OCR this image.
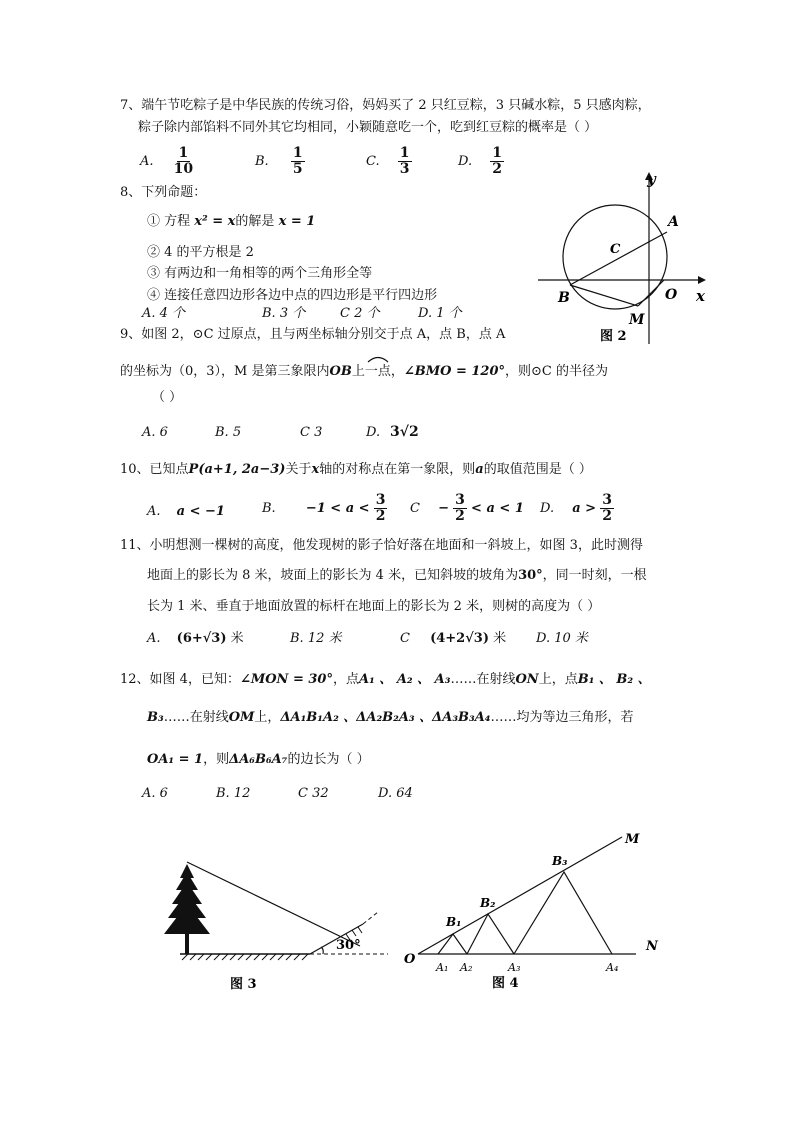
7、端午节吃粽子是中华民族的传统习俗，妈妈买了 2 只红豆粽，3 只碱水粽，5 只感肉粽，
粽子除内部馅料不同外其它均相同，小颖随意吃一个，吃到红豆粽的概率是（ ）
A. $\frac{1}{10}$	B. $\frac{1}{5}$	C. $\frac{1}{3}$	D. $\frac{1}{2}$
8、下列命题：
① 方程 x² = x的解是 x = 1
② 4 的平方根是 2
③ 有两边和一角相等的两个三角形全等
④ 连接任意四边形各边中点的四边形是平行四边形
A. 4 个	B. 3 个	C 2 个	D. 1 个
y
x
A
B
C
O
M
图 2
9、如图 2，⊙C 过原点，且与两坐标轴分别交于点 A，点 B，点 A
的坐标为（0，3），M 是第三象限内OB上一点，∠BMO = 120°，则⊙C 的半径为
（ ）
A. 6	B. 5	C 3	D. 3√2
10、已知点P(a+1, 2a−3)关于x轴的对称点在第一象限，则a的取值范围是（ ）
A. a < −1	B. $-1 < a < \frac{3}{2}$ $C - \frac{3}{2} < a < 1$ D. $a > \frac{3}{2}$
11、小明想测一棵树的高度，他发现树的影子恰好落在地面和一斜坡上，如图 3，此时测得
地面上的影长为 8 米，坡面上的影长为 4 米，已知斜坡的坡角为30°，同一时刻，一根
长为 1 米、垂直于地面放置的标杆在地面上的影长为 2 米，则树的高度为（ ）
A. (6+√3) 米	B. 12 米	C (4+2√3) 米 D. 10 米
12、如图 4，已知：∠MON = 30°，点A₁ 、 A₂ 、 A₃……在射线ON上，点B₁ 、 B₂ 、
B₃……在射线OM上，ΔA₁B₁A₂ 、ΔA₂B₂A₃ 、ΔA₃B₃A₄……均为等边三角形，若
OA₁ = 1，则ΔA₆B₆A₇的边长为（ ）
A. 6	B. 12	C 32	D. 64
30°
图 3
O
M
N
B₁
B₂
B₃
A₁ A₂	A₃	A₄
图 4
